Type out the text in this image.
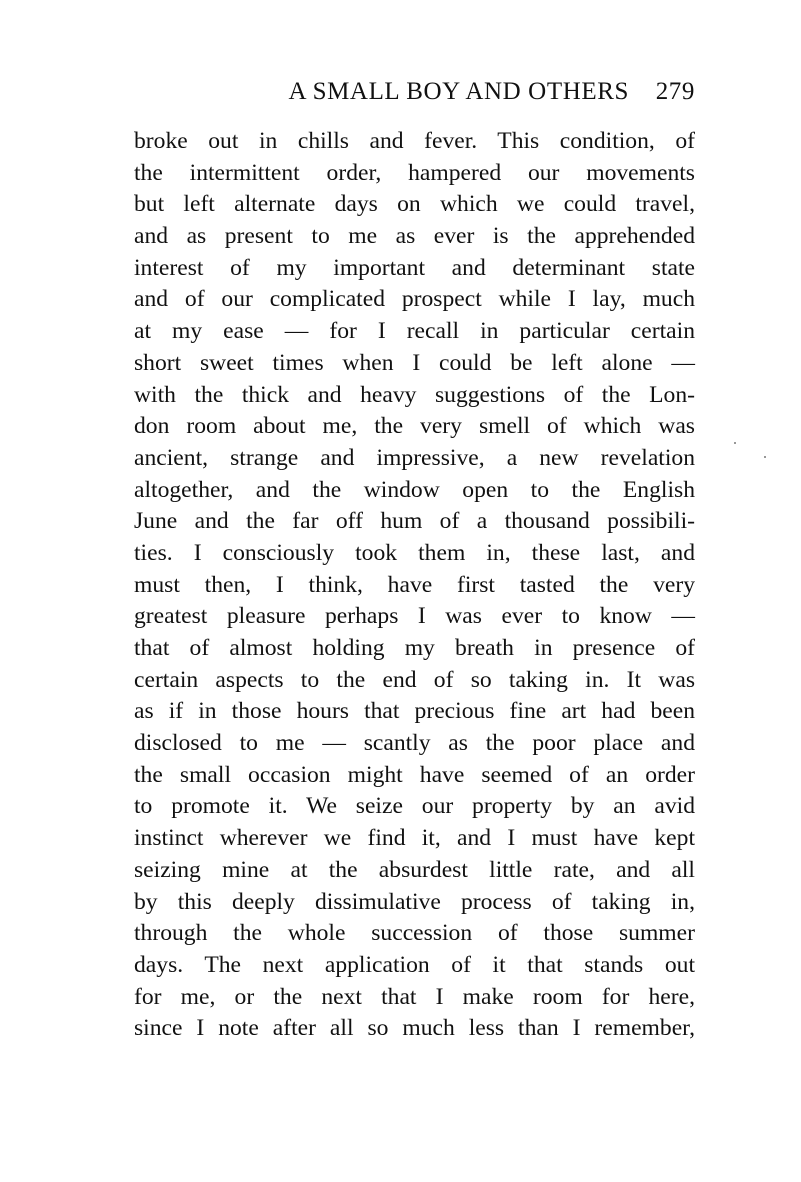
A SMALL BOY AND OTHERS 279
broke out in chills and fever. This condition, of
the intermittent order, hampered our movements
but left alternate days on which we could travel,
and as present to me as ever is the apprehended
interest of my important and determinant state
and of our complicated prospect while I lay, much
at my ease — for I recall in particular certain
short sweet times when I could be left alone —
with the thick and heavy suggestions of the Lon-
don room about me, the very smell of which was
ancient, strange and impressive, a new revelation
altogether, and the window open to the English
June and the far off hum of a thousand possibili-
ties. I consciously took them in, these last, and
must then, I think, have first tasted the very
greatest pleasure perhaps I was ever to know —
that of almost holding my breath in presence of
certain aspects to the end of so taking in. It was
as if in those hours that precious fine art had been
disclosed to me — scantly as the poor place and
the small occasion might have seemed of an order
to promote it. We seize our property by an avid
instinct wherever we find it, and I must have kept
seizing mine at the absurdest little rate, and all
by this deeply dissimulative process of taking in,
through the whole succession of those summer
days. The next application of it that stands out
for me, or the next that I make room for here,
since I note after all so much less than I remember,
